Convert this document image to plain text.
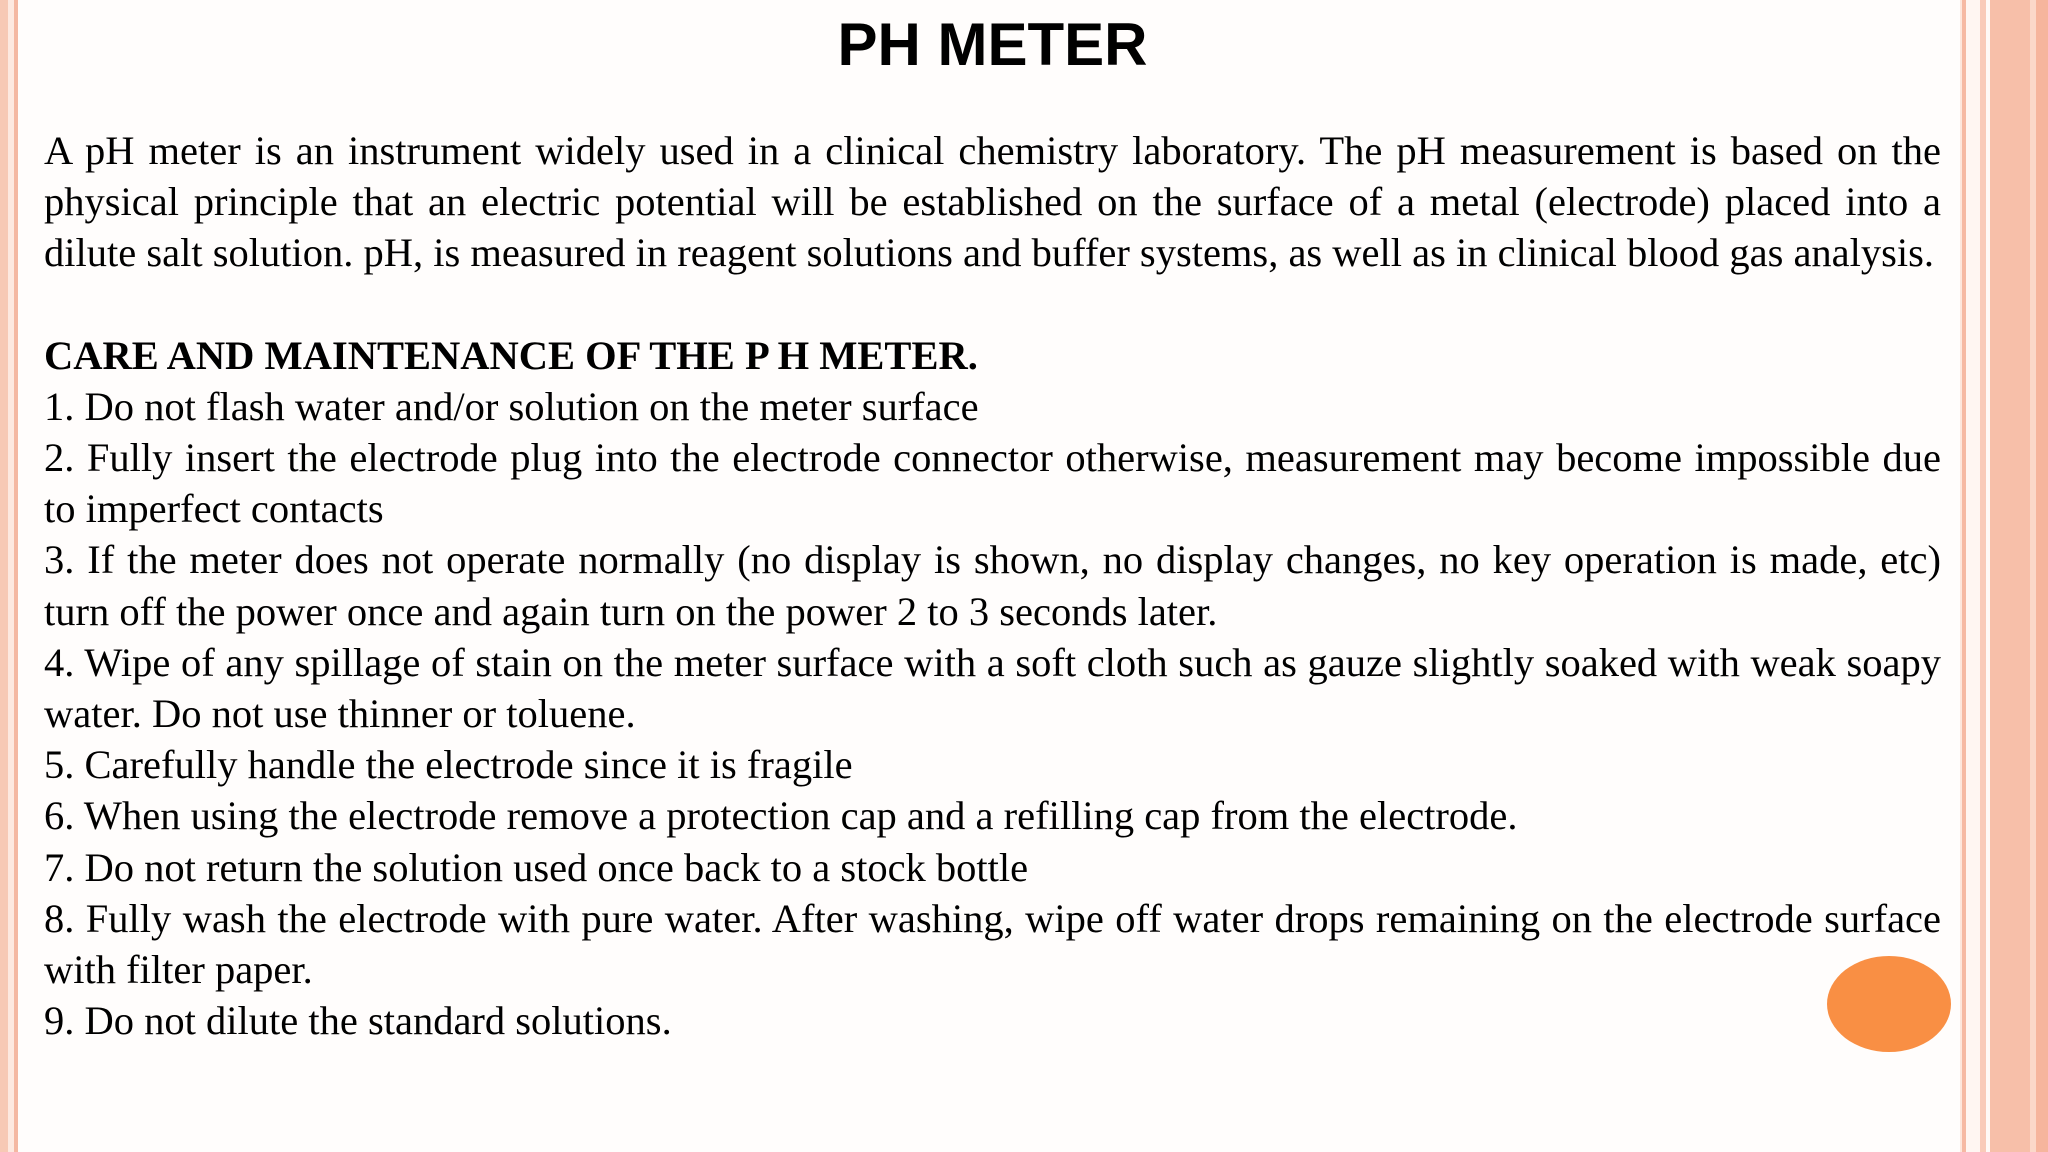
PH METER

A pH meter is an instrument widely used in a clinical chemistry laboratory. The pH measurement is based on the physical principle that an electric potential will be established on the surface of a metal (electrode) placed into a dilute salt solution. pH, is measured in reagent solutions and buffer systems, as well as in clinical blood gas analysis.

CARE AND MAINTENANCE OF THE P H METER.

1. Do not flash water and/or solution on the meter surface

2. Fully insert the electrode plug into the electrode connector otherwise, measurement may become impossible due to imperfect contacts

3. If the meter does not operate normally (no display is shown, no display changes, no key operation is made, etc) turn off the power once and again turn on the power 2 to 3 seconds later.

4. Wipe of any spillage of stain on the meter surface with a soft cloth such as gauze slightly soaked with weak soapy water. Do not use thinner or toluene.

5. Carefully handle the electrode since it is fragile

6. When using the electrode remove a protection cap and a refilling cap from the electrode.

7. Do not return the solution used once back to a stock bottle

8. Fully wash the electrode with pure water. After washing, wipe off water drops remaining on the electrode surface with filter paper.

9. Do not dilute the standard solutions.
